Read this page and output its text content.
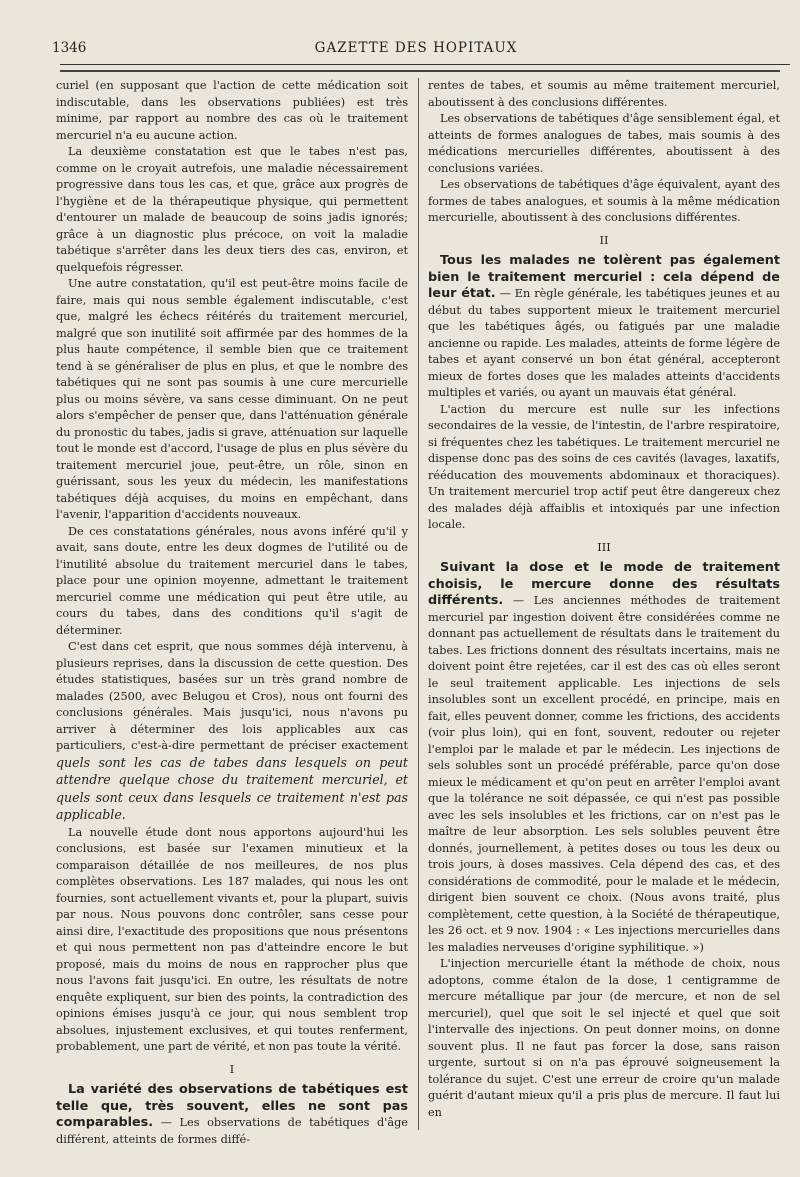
1346	GAZETTE DES HOPITAUX

curiel (en supposant que l'action de cette médication soit indiscutable, dans les observations publiées) est très minime, par rapport au nombre des cas où le traitement mercuriel n'a eu aucune action.

La deuxième constatation est que le tabes n'est pas, comme on le croyait autrefois, une maladie nécessairement progressive dans tous les cas, et que, grâce aux progrès de l'hygiène et de la thérapeutique physique, qui permettent d'entourer un malade de beaucoup de soins jadis ignorés; grâce à un diagnostic plus précoce, on voit la maladie tabétique s'arrêter dans les deux tiers des cas, environ, et quelquefois régresser.

Une autre constatation, qu'il est peut-être moins facile de faire, mais qui nous semble également indiscutable, c'est que, malgré les échecs réitérés du traitement mercuriel, malgré que son inutilité soit affirmée par des hommes de la plus haute compétence, il semble bien que ce traitement tend à se généraliser de plus en plus, et que le nombre des tabétiques qui ne sont pas soumis à une cure mercurielle plus ou moins sévère, va sans cesse diminuant. On ne peut alors s'empêcher de penser que, dans l'atténuation générale du pronostic du tabes, jadis si grave, atténuation sur laquelle tout le monde est d'accord, l'usage de plus en plus sévère du traitement mercuriel joue, peut-être, un rôle, sinon en guérissant, sous les yeux du médecin, les manifestations tabétiques déjà acquises, du moins en empêchant, dans l'avenir, l'apparition d'accidents nouveaux.

De ces constatations générales, nous avons inféré qu'il y avait, sans doute, entre les deux dogmes de l'utilité ou de l'inutilité absolue du traitement mercuriel dans le tabes, place pour une opinion moyenne, admettant le traitement mercuriel comme une médication qui peut être utile, au cours du tabes, dans des conditions qu'il s'agit de déterminer.

C'est dans cet esprit, que nous sommes déjà intervenu, à plusieurs reprises, dans la discussion de cette question. Des études statistiques, basées sur un très grand nombre de malades (2500, avec Belugou et Cros), nous ont fourni des conclusions générales. Mais jusqu'ici, nous n'avons pu arriver à déterminer des lois applicables aux cas particuliers, c'est-à-dire permettant de préciser exactement quels sont les cas de tabes dans lesquels on peut attendre quelque chose du traitement mercuriel, et quels sont ceux dans lesquels ce traitement n'est pas applicable.

La nouvelle étude dont nous apportons aujourd'hui les conclusions, est basée sur l'examen minutieux et la comparaison détaillée de nos meilleures, de nos plus complètes observations. Les 187 malades, qui nous les ont fournies, sont actuellement vivants et, pour la plupart, suivis par nous. Nous pouvons donc contrôler, sans cesse pour ainsi dire, l'exactitude des propositions que nous présentons et qui nous permettent non pas d'atteindre encore le but proposé, mais du moins de nous en rapprocher plus que nous l'avons fait jusqu'ici. En outre, les résultats de notre enquête expliquent, sur bien des points, la contradiction des opinions émises jusqu'à ce jour, qui nous semblent trop absolues, injustement exclusives, et qui toutes renferment, probablement, une part de vérité, et non pas toute la vérité.

I

La variété des observations de tabétiques est telle que, très souvent, elles ne sont pas comparables. — Les observations de tabétiques d'âge différent, atteints de formes diffé-

rentes de tabes, et soumis au même traitement mercuriel, aboutissent à des conclusions différentes.

Les observations de tabétiques d'âge sensiblement égal, et atteints de formes analogues de tabes, mais soumis à des médications mercurielles différentes, aboutissent à des conclusions variées.

Les observations de tabétiques d'âge équivalent, ayant des formes de tabes analogues, et soumis à la même médication mercurielle, aboutissent à des conclusions différentes.

II

Tous les malades ne tolèrent pas également bien le traitement mercuriel : cela dépend de leur état. — En règle générale, les tabétiques jeunes et au début du tabes supportent mieux le traitement mercuriel que les tabétiques âgés, ou fatigués par une maladie ancienne ou rapide. Les malades, atteints de forme légère de tabes et ayant conservé un bon état général, accepteront mieux de fortes doses que les malades atteints d'accidents multiples et variés, ou ayant un mauvais état général.

L'action du mercure est nulle sur les infections secondaires de la vessie, de l'intestin, de l'arbre respiratoire, si fréquentes chez les tabétiques. Le traitement mercuriel ne dispense donc pas des soins de ces cavités (lavages, laxatifs, rééducation des mouvements abdominaux et thoraciques). Un traitement mercuriel trop actif peut être dangereux chez des malades déjà affaiblis et intoxiqués par une infection locale.

III

Suivant la dose et le mode de traitement choisis, le mercure donne des résultats différents. — Les anciennes méthodes de traitement mercuriel par ingestion doivent être considérées comme ne donnant pas actuellement de résultats dans le traitement du tabes. Les frictions donnent des résultats incertains, mais ne doivent point être rejetées, car il est des cas où elles seront le seul traitement applicable. Les injections de sels insolubles sont un excellent procédé, en principe, mais en fait, elles peuvent donner, comme les frictions, des accidents (voir plus loin), qui en font, souvent, redouter ou rejeter l'emploi par le malade et par le médecin. Les injections de sels solubles sont un procédé préférable, parce qu'on dose mieux le médicament et qu'on peut en arrêter l'emploi avant que la tolérance ne soit dépassée, ce qui n'est pas possible avec les sels insolubles et les frictions, car on n'est pas le maître de leur absorption. Les sels solubles peuvent être donnés, journellement, à petites doses ou tous les deux ou trois jours, à doses massives. Cela dépend des cas, et des considérations de commodité, pour le malade et le médecin, dirigent bien souvent ce choix. (Nous avons traité, plus complètement, cette question, à la Société de thérapeutique, les 26 oct. et 9 nov. 1904 : « Les injections mercurielles dans les maladies nerveuses d'origine syphilitique. »)

L'injection mercurielle étant la méthode de choix, nous adoptons, comme étalon de la dose, 1 centigramme de mercure métallique par jour (de mercure, et non de sel mercuriel), quel que soit le sel injecté et quel que soit l'intervalle des injections. On peut donner moins, on donne souvent plus. Il ne faut pas forcer la dose, sans raison urgente, surtout si on n'a pas éprouvé soigneusement la tolérance du sujet. C'est une erreur de croire qu'un malade guérit d'autant mieux qu'il a pris plus de mercure. Il faut lui en
